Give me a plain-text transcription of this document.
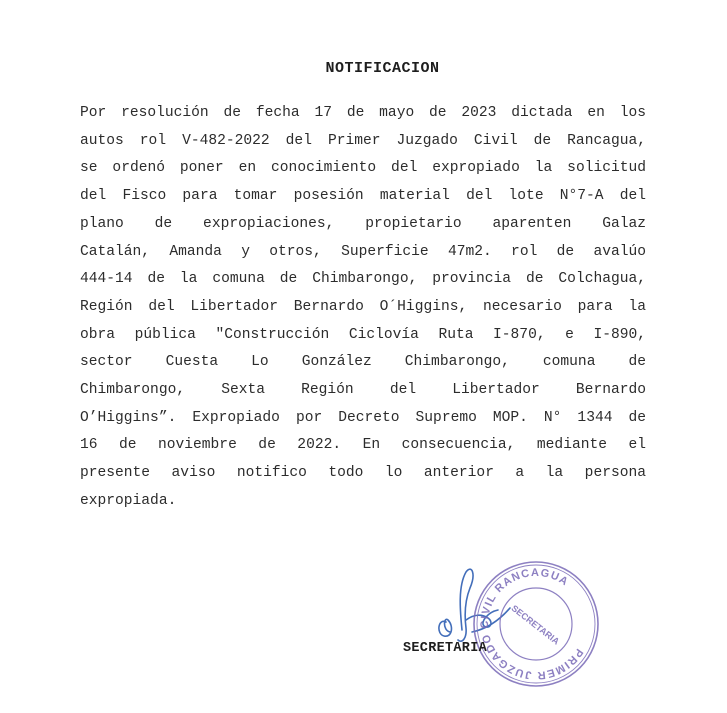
NOTIFICACION
Por resolución de fecha 17 de mayo de 2023 dictada en los
autos rol V-482-2022 del Primer Juzgado Civil de Rancagua,
se ordenó poner en conocimiento del expropiado la solicitud
del Fisco para tomar posesión material del lote N°7-A del
plano de expropiaciones, propietario aparenten Galaz
Catalán, Amanda y otros, Superficie 47m2. rol de avalúo
444-14 de la comuna de Chimbarongo, provincia de Colchagua,
Región del Libertador Bernardo O´Higgins, necesario para la
obra pública "Construcción Ciclovía Ruta I-870, e I-890,
sector Cuesta Lo González Chimbarongo, comuna de
Chimbarongo, Sexta Región del Libertador Bernardo
O’Higgins”. Expropiado por Decreto Supremo MOP. N° 1344 de
16 de noviembre de 2022. En consecuencia, mediante el
presente aviso notifico todo lo anterior a la persona
expropiada.
PRIMER JUZGADO CIVIL RANCAGUA
SECRETARIA
SECRETARIA
